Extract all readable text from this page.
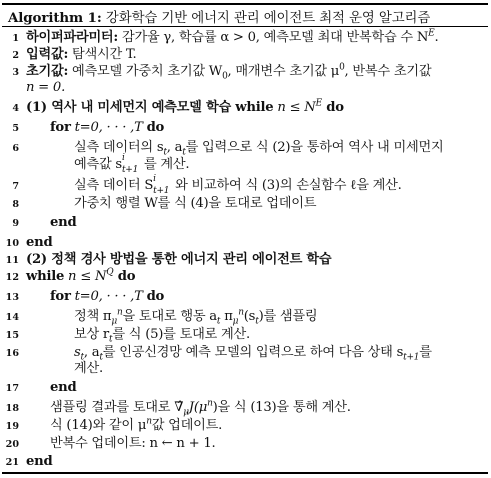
Algorithm 1: 강화학습 기반 에너지 관리 에이전트 최적 운영 알고리즘
1 하이퍼파라미터: 감가율 γ, 학습률 α > 0, 예측모델 최대 반복학습 수 $N^E$.
2 입력값: 탐색시간 T.
3 초기값: 예측모델 가중치 초기값 $W_0$, 매개변수 초기값 $\mu^0$, 반복수 초기값
n = 0.
4 (1) 역사 내 미세먼지 예측모델 학습 while $n \le N^E$ do
5 for t=0, · · · ,T do
6	실측 데이터의 $s_t$, $a_t$를 입력으로 식 (2)을 통하여 역사 내 미세먼지
예측값 s i
t+1 를 계산.
7	실측 데이터 S i
t+1 와 비교하여 식 (3)의 손실함수 ℓ을 계산.
8	가중치 행렬 W를 식 (4)을 토대로 업데이트
9 end
10 end
11 (2) 정책 경사 방법을 통한 에너지 관리 에이전트 학습
12 while $n \le N^Q$ do
13 for t=0, · · · ,T do
14	정책 $\pi_\mu^n$을 토대로 행동 $a_t$ $\pi_\mu^n(s_t)$를 샘플링
15	보상 $r_t$를 식 (5)를 토대로 계산.
16	$s_t$, $a_t$를 인공신경망 예측 모델의 입력으로 하여 다음 상태 $s_{t+1}$를
계산.
17 end
18 샘플링 결과를 토대로 $\nablâ_\mu J(\mu^n)$을 식 (13)을 통해 계산.
19 식 (14)와 같이 $\mu^n$값 업데이트.
20 반복수 업데이트: n ← n + 1.
21 end
